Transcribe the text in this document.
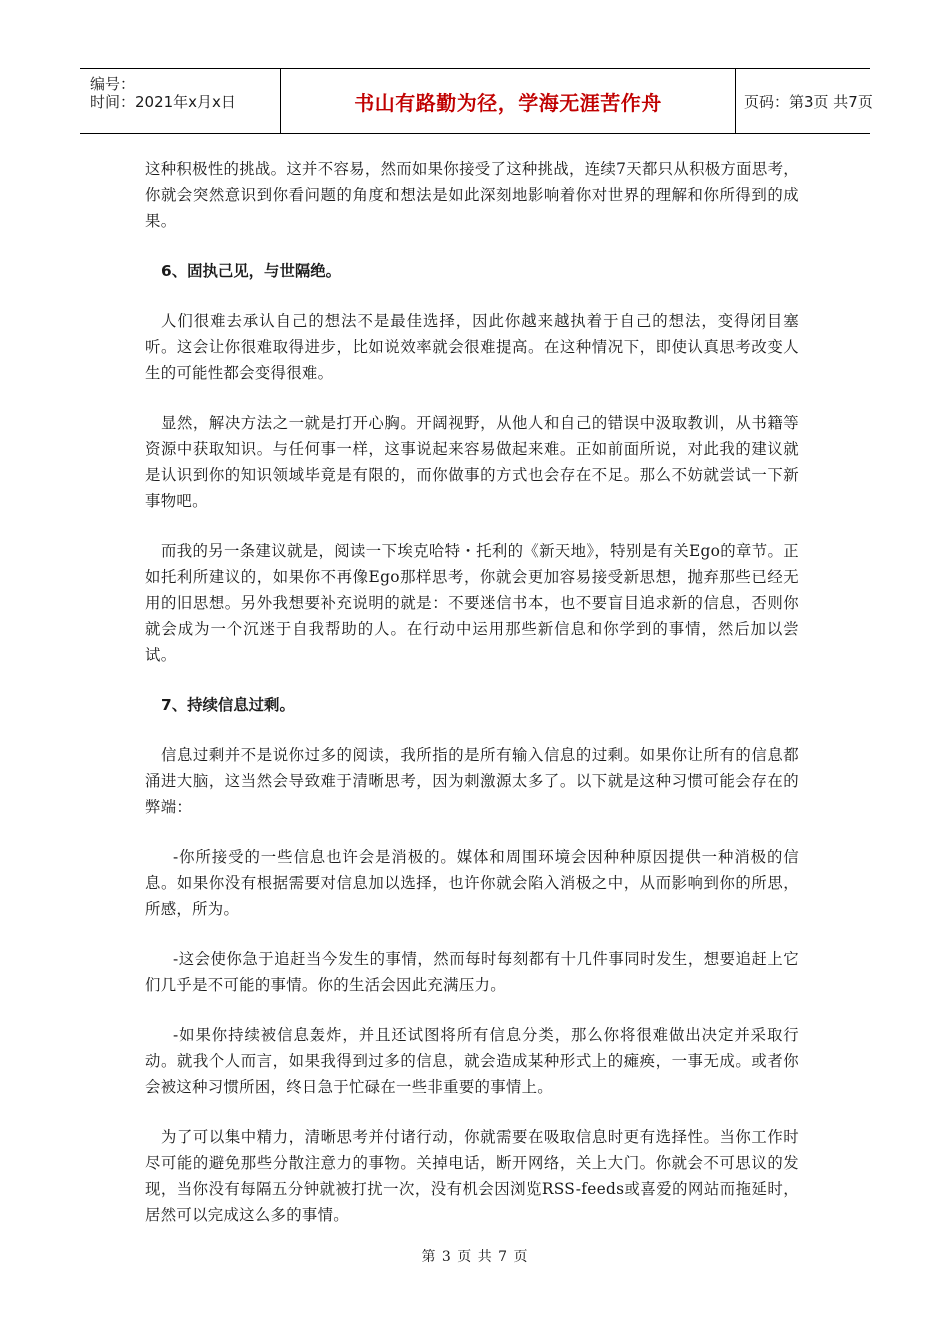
编号：
时间：2021年x月x日	书山有路勤为径，学海无涯苦作舟	页码：第3页 共7页

这种积极性的挑战。这并不容易，然而如果你接受了这种挑战，连续7天都只从积极方面思考，你就会突然意识到你看问题的角度和想法是如此深刻地影响着你对世界的理解和你所得到的成果。

6、固执己见，与世隔绝。

人们很难去承认自己的想法不是最佳选择，因此你越来越执着于自己的想法，变得闭目塞听。这会让你很难取得进步，比如说效率就会很难提高。在这种情况下，即使认真思考改变人生的可能性都会变得很难。

显然，解决方法之一就是打开心胸。开阔视野，从他人和自己的错误中汲取教训，从书籍等资源中获取知识。与任何事一样，这事说起来容易做起来难。正如前面所说，对此我的建议就是认识到你的知识领域毕竟是有限的，而你做事的方式也会存在不足。那么不妨就尝试一下新事物吧。

而我的另一条建议就是，阅读一下埃克哈特・托利的《新天地》，特别是有关Ego的章节。正如托利所建议的，如果你不再像Ego那样思考，你就会更加容易接受新思想，抛弃那些已经无用的旧思想。另外我想要补充说明的就是：不要迷信书本，也不要盲目追求新的信息，否则你就会成为一个沉迷于自我帮助的人。在行动中运用那些新信息和你学到的事情，然后加以尝试。

7、持续信息过剩。

信息过剩并不是说你过多的阅读，我所指的是所有输入信息的过剩。如果你让所有的信息都涌进大脑，这当然会导致难于清晰思考，因为刺激源太多了。以下就是这种习惯可能会存在的弊端：

-你所接受的一些信息也许会是消极的。媒体和周围环境会因种种原因提供一种消极的信息。如果你没有根据需要对信息加以选择，也许你就会陷入消极之中，从而影响到你的所思，所感，所为。

-这会使你急于追赶当今发生的事情，然而每时每刻都有十几件事同时发生，想要追赶上它们几乎是不可能的事情。你的生活会因此充满压力。

-如果你持续被信息轰炸，并且还试图将所有信息分类，那么你将很难做出决定并采取行动。就我个人而言，如果我得到过多的信息，就会造成某种形式上的瘫痪，一事无成。或者你会被这种习惯所困，终日急于忙碌在一些非重要的事情上。

为了可以集中精力，清晰思考并付诸行动，你就需要在吸取信息时更有选择性。当你工作时尽可能的避免那些分散注意力的事物。关掉电话，断开网络，关上大门。你就会不可思议的发现，当你没有每隔五分钟就被打扰一次，没有机会因浏览RSS-feeds或喜爱的网站而拖延时，居然可以完成这么多的事情。

第 3 页 共 7 页
